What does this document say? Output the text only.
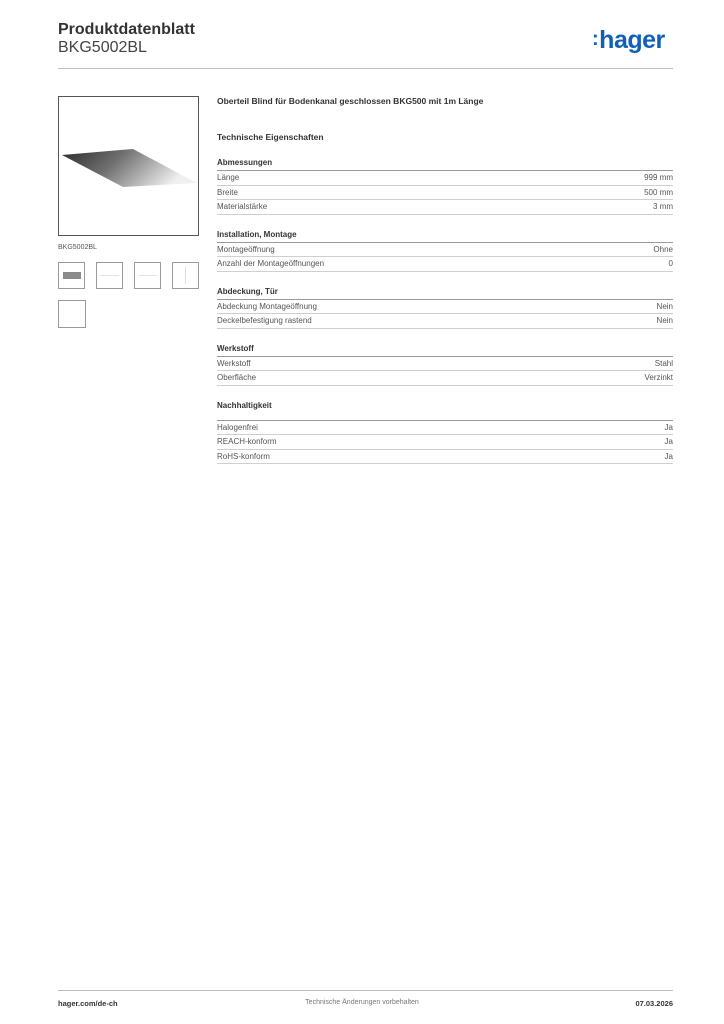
Produktdatenblatt
BKG5002BL	:hager
BKG5002BL
Oberteil Blind für Bodenkanal geschlossen BKG500 mit 1m Länge
Technische Eigenschaften
Abmessungen
Länge	999 mm
Breite	500 mm
Materialstärke	3 mm
Installation, Montage
Montageöffnung	Ohne
Anzahl der Montageöffnungen	0
Abdeckung, Tür
Abdeckung Montageöffnung	Nein
Deckelbefestigung rastend	Nein
Werkstoff
Werkstoff	Stahl
Oberfläche	Verzinkt
Nachhaltigkeit
Halogenfrei	Ja
REACH-konform	Ja
RoHS-konform	Ja
hager.com/de-ch	Technische Änderungen vorbehalten	07.03.2026
